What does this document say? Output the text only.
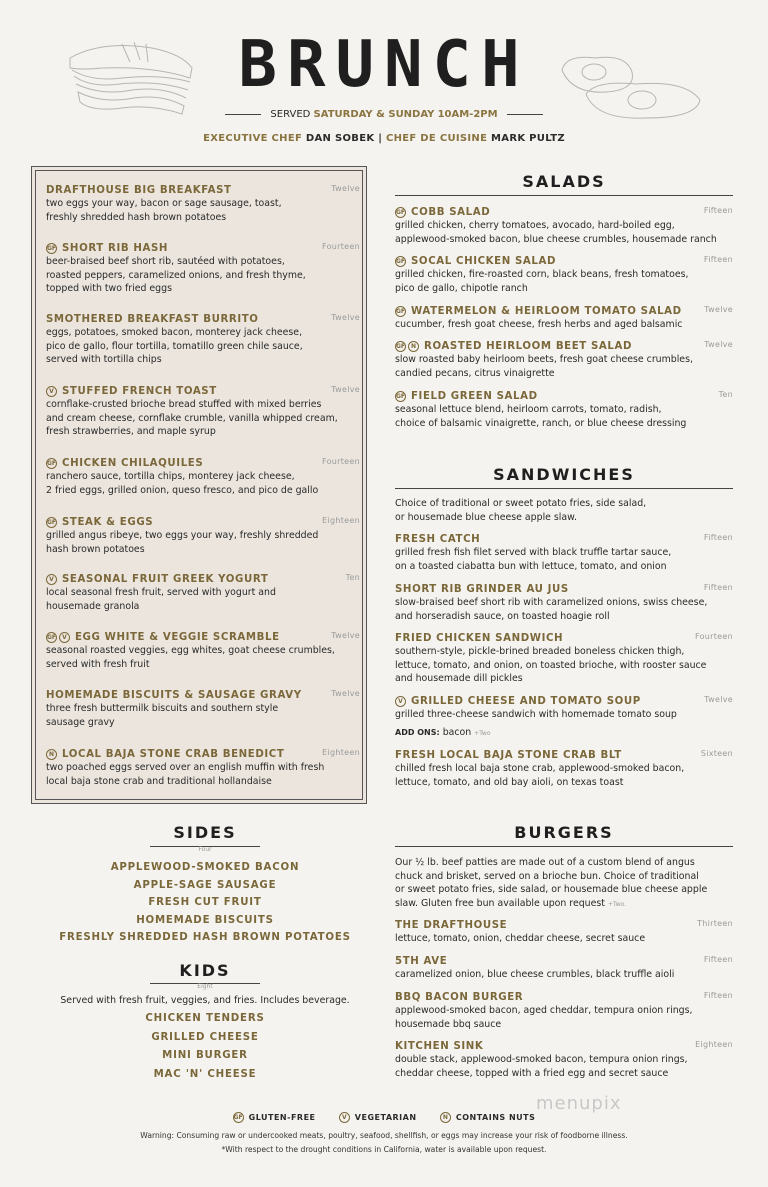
BRUNCH
SERVED SATURDAY & SUNDAY 10AM-2PM
EXECUTIVE CHEF DAN SOBEK | CHEF DE CUISINE MARK PULTZ
SALADS
SANDWICHES
BURGERS
SIDES
Four
KIDS
Eight
Served with fresh fruit, veggies, and fries. Includes beverage.
Choice of traditional or sweet potato fries, side salad,
or housemade blue cheese apple slaw.
ADD ONS: bacon +Two
Our ½ lb. beef patties are made out of a custom blend of angus
chuck and brisket, served on a brioche bun. Choice of traditional
or sweet potato fries, side salad, or housemade blue cheese apple
slaw. Gluten free bun available upon request +Two.
DRAFTHOUSE BIG BREAKFAST	Twelve
two eggs your way, bacon or sage sausage, toast,
freshly shredded hash brown potatoes
GF SHORT RIB HASH	Fourteen
beer-braised beef short rib, sautéed with potatoes,
roasted peppers, caramelized onions, and fresh thyme,
topped with two fried eggs
SMOTHERED BREAKFAST BURRITO	Twelve
eggs, potatoes, smoked bacon, monterey jack cheese,
pico de gallo, flour tortilla, tomatillo green chile sauce,
served with tortilla chips
V STUFFED FRENCH TOAST	Twelve
cornflake-crusted brioche bread stuffed with mixed berries
and cream cheese, cornflake crumble, vanilla whipped cream,
fresh strawberries, and maple syrup
GF CHICKEN CHILAQUILES	Fourteen
ranchero sauce, tortilla chips, monterey jack cheese,
2 fried eggs, grilled onion, queso fresco, and pico de gallo
GF STEAK & EGGS	Eighteen
grilled angus ribeye, two eggs your way, freshly shredded
hash brown potatoes
V SEASONAL FRUIT GREEK YOGURT	Ten
local seasonal fresh fruit, served with yogurt and
housemade granola
GF V EGG WHITE & VEGGIE SCRAMBLE	Twelve
seasonal roasted veggies, egg whites, goat cheese crumbles,
served with fresh fruit
HOMEMADE BISCUITS & SAUSAGE GRAVY	Twelve
three fresh buttermilk biscuits and southern style
sausage gravy
N LOCAL BAJA STONE CRAB BENEDICT	Eighteen
two poached eggs served over an english muffin with fresh
local baja stone crab and traditional hollandaise
GF COBB SALAD	Fifteen
grilled chicken, cherry tomatoes, avocado, hard-boiled egg,
applewood-smoked bacon, blue cheese crumbles, housemade ranch
GF SOCAL CHICKEN SALAD	Fifteen
grilled chicken, fire-roasted corn, black beans, fresh tomatoes,
pico de gallo, chipotle ranch
GF WATERMELON & HEIRLOOM TOMATO SALAD	Twelve
cucumber, fresh goat cheese, fresh herbs and aged balsamic
GF N ROASTED HEIRLOOM BEET SALAD	Twelve
slow roasted baby heirloom beets, fresh goat cheese crumbles,
candied pecans, citrus vinaigrette
GF FIELD GREEN SALAD	Ten
seasonal lettuce blend, heirloom carrots, tomato, radish,
choice of balsamic vinaigrette, ranch, or blue cheese dressing
FRESH CATCH	Fifteen
grilled fresh fish filet served with black truffle tartar sauce,
on a toasted ciabatta bun with lettuce, tomato, and onion
SHORT RIB GRINDER AU JUS	Fifteen
slow-braised beef short rib with caramelized onions, swiss cheese,
and horseradish sauce, on toasted hoagie roll
FRIED CHICKEN SANDWICH	Fourteen
southern-style, pickle-brined breaded boneless chicken thigh,
lettuce, tomato, and onion, on toasted brioche, with rooster sauce
and housemade dill pickles
V GRILLED CHEESE AND TOMATO SOUP	Twelve
grilled three-cheese sandwich with homemade tomato soup
FRESH LOCAL BAJA STONE CRAB BLT	Sixteen
chilled fresh local baja stone crab, applewood-smoked bacon,
lettuce, tomato, and old bay aioli, on texas toast
THE DRAFTHOUSE	Thirteen
lettuce, tomato, onion, cheddar cheese, secret sauce
5TH AVE	Fifteen
caramelized onion, blue cheese crumbles, black truffle aioli
BBQ BACON BURGER	Fifteen
applewood-smoked bacon, aged cheddar, tempura onion rings,
housemade bbq sauce
KITCHEN SINK	Eighteen
double stack, applewood-smoked bacon, tempura onion rings,
cheddar cheese, topped with a fried egg and secret sauce
APPLEWOOD-SMOKED BACON
APPLE-SAGE SAUSAGE
FRESH CUT FRUIT
HOMEMADE BISCUITS
FRESHLY SHREDDED HASH BROWN POTATOES
CHICKEN TENDERS
GRILLED CHEESE
MINI BURGER
MAC 'N' CHEESE
GF GLUTEN-FREE	V VEGETARIAN	N CONTAINS NUTS
Warning: Consuming raw or undercooked meats, poultry, seafood, shellfish, or eggs may increase your risk of foodborne illness.
*With respect to the drought conditions in California, water is available upon request.
menupix
